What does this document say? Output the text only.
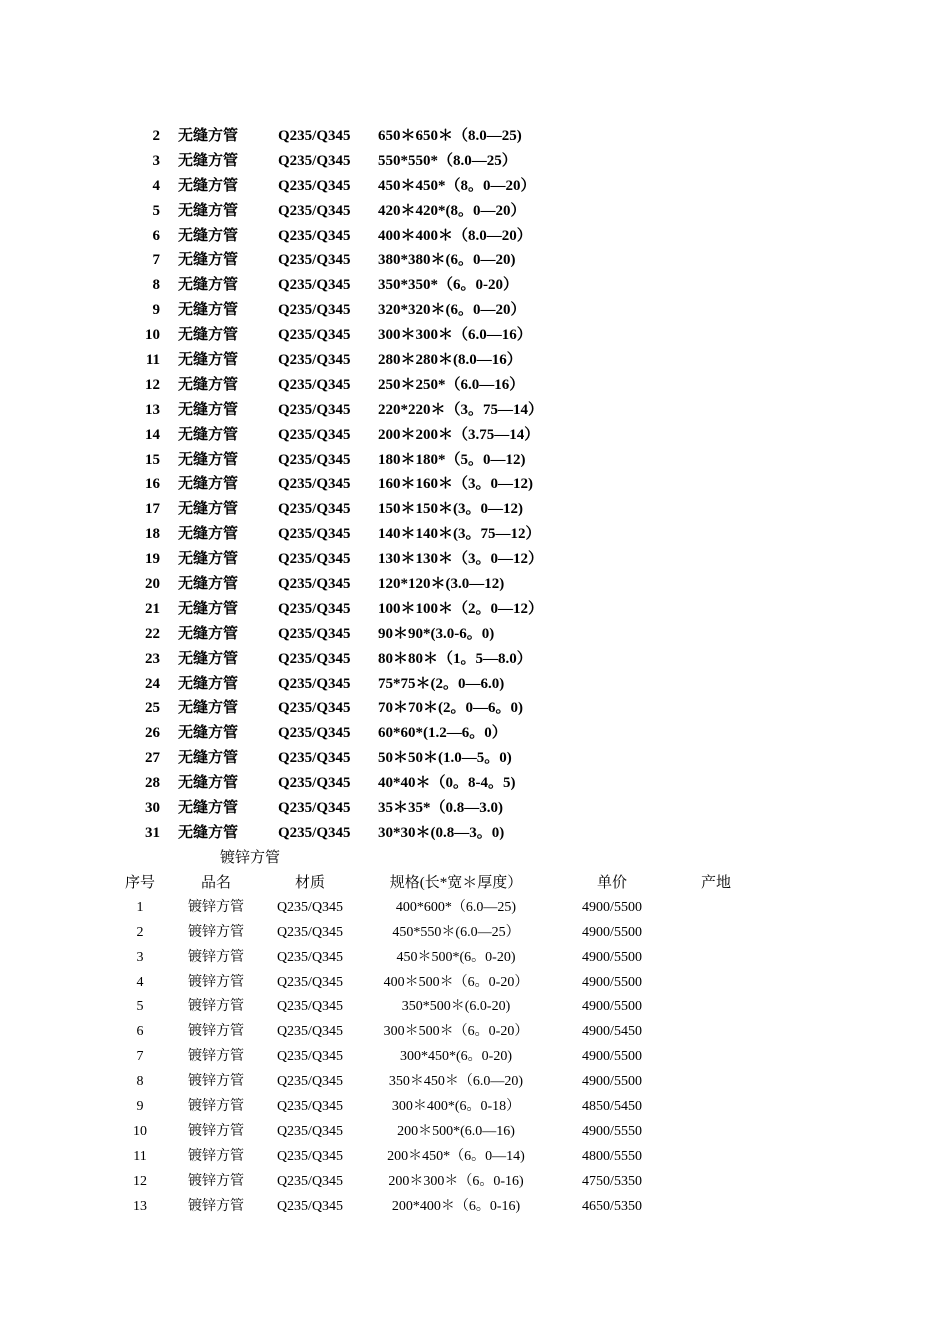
2 无缝方管	Q235/Q345 650＊650＊（8.0—25)
3 无缝方管	Q235/Q345 550*550*（8.0—25）
4 无缝方管	Q235/Q345 450＊450*（8。0—20）
5 无缝方管	Q235/Q345 420＊420*(8。0—20）
6 无缝方管	Q235/Q345 400＊400＊（8.0—20）
7 无缝方管	Q235/Q345 380*380＊(6。0—20)
8 无缝方管	Q235/Q345 350*350*（6。0-20）
9 无缝方管	Q235/Q345 320*320＊(6。0—20）
10 无缝方管	Q235/Q345 300＊300＊（6.0—16）
11 无缝方管	Q235/Q345 280＊280＊(8.0—16）
12 无缝方管	Q235/Q345 250＊250*（6.0—16）
13 无缝方管	Q235/Q345 220*220＊（3。75—14）
14 无缝方管	Q235/Q345 200＊200＊（3.75—14）
15 无缝方管	Q235/Q345 180＊180*（5。0—12)
16 无缝方管	Q235/Q345 160＊160＊（3。0—12)
17 无缝方管	Q235/Q345 150＊150＊(3。0—12)
18 无缝方管	Q235/Q345 140＊140＊(3。75—12）
19 无缝方管	Q235/Q345 130＊130＊（3。0—12）
20 无缝方管	Q235/Q345 120*120＊(3.0—12)
21 无缝方管	Q235/Q345 100＊100＊（2。0—12）
22 无缝方管	Q235/Q345 90＊90*(3.0-6。0)
23 无缝方管	Q235/Q345 80＊80＊（1。5—8.0）
24 无缝方管	Q235/Q345 75*75＊(2。0—6.0)
25 无缝方管	Q235/Q345 70＊70＊(2。0—6。0)
26 无缝方管	Q235/Q345 60*60*(1.2—6。0）
27 无缝方管	Q235/Q345 50＊50＊(1.0—5。0)
28 无缝方管	Q235/Q345 40*40＊（0。8-4。5)
30 无缝方管	Q235/Q345 35＊35*（0.8—3.0)
31 无缝方管	Q235/Q345 30*30＊(0.8—3。0)
镀锌方管
序号	品名	材质	规格(长*宽＊厚度）	单价	产地
1	镀锌方管 Q235/Q345	400*600*（6.0—25)	4900/5500
2	镀锌方管 Q235/Q345	450*550＊(6.0—25）	4900/5500
3	镀锌方管 Q235/Q345	450＊500*(6。0-20)	4900/5500
4	镀锌方管 Q235/Q345	400＊500＊（6。0-20）	4900/5500
5	镀锌方管 Q235/Q345	350*500＊(6.0-20)	4900/5500
6	镀锌方管 Q235/Q345	300＊500＊（6。0-20）	4900/5450
7	镀锌方管 Q235/Q345	300*450*(6。0-20)	4900/5500
8	镀锌方管 Q235/Q345	350＊450＊（6.0—20)	4900/5500
9	镀锌方管 Q235/Q345	300＊400*(6。0-18）	4850/5450
10	镀锌方管 Q235/Q345	200＊500*(6.0—16)	4900/5550
11	镀锌方管 Q235/Q345	200＊450*（6。0—14)	4800/5550
12	镀锌方管 Q235/Q345	200＊300＊（6。0-16)	4750/5350
13	镀锌方管 Q235/Q345	200*400＊（6。0-16)	4650/5350
